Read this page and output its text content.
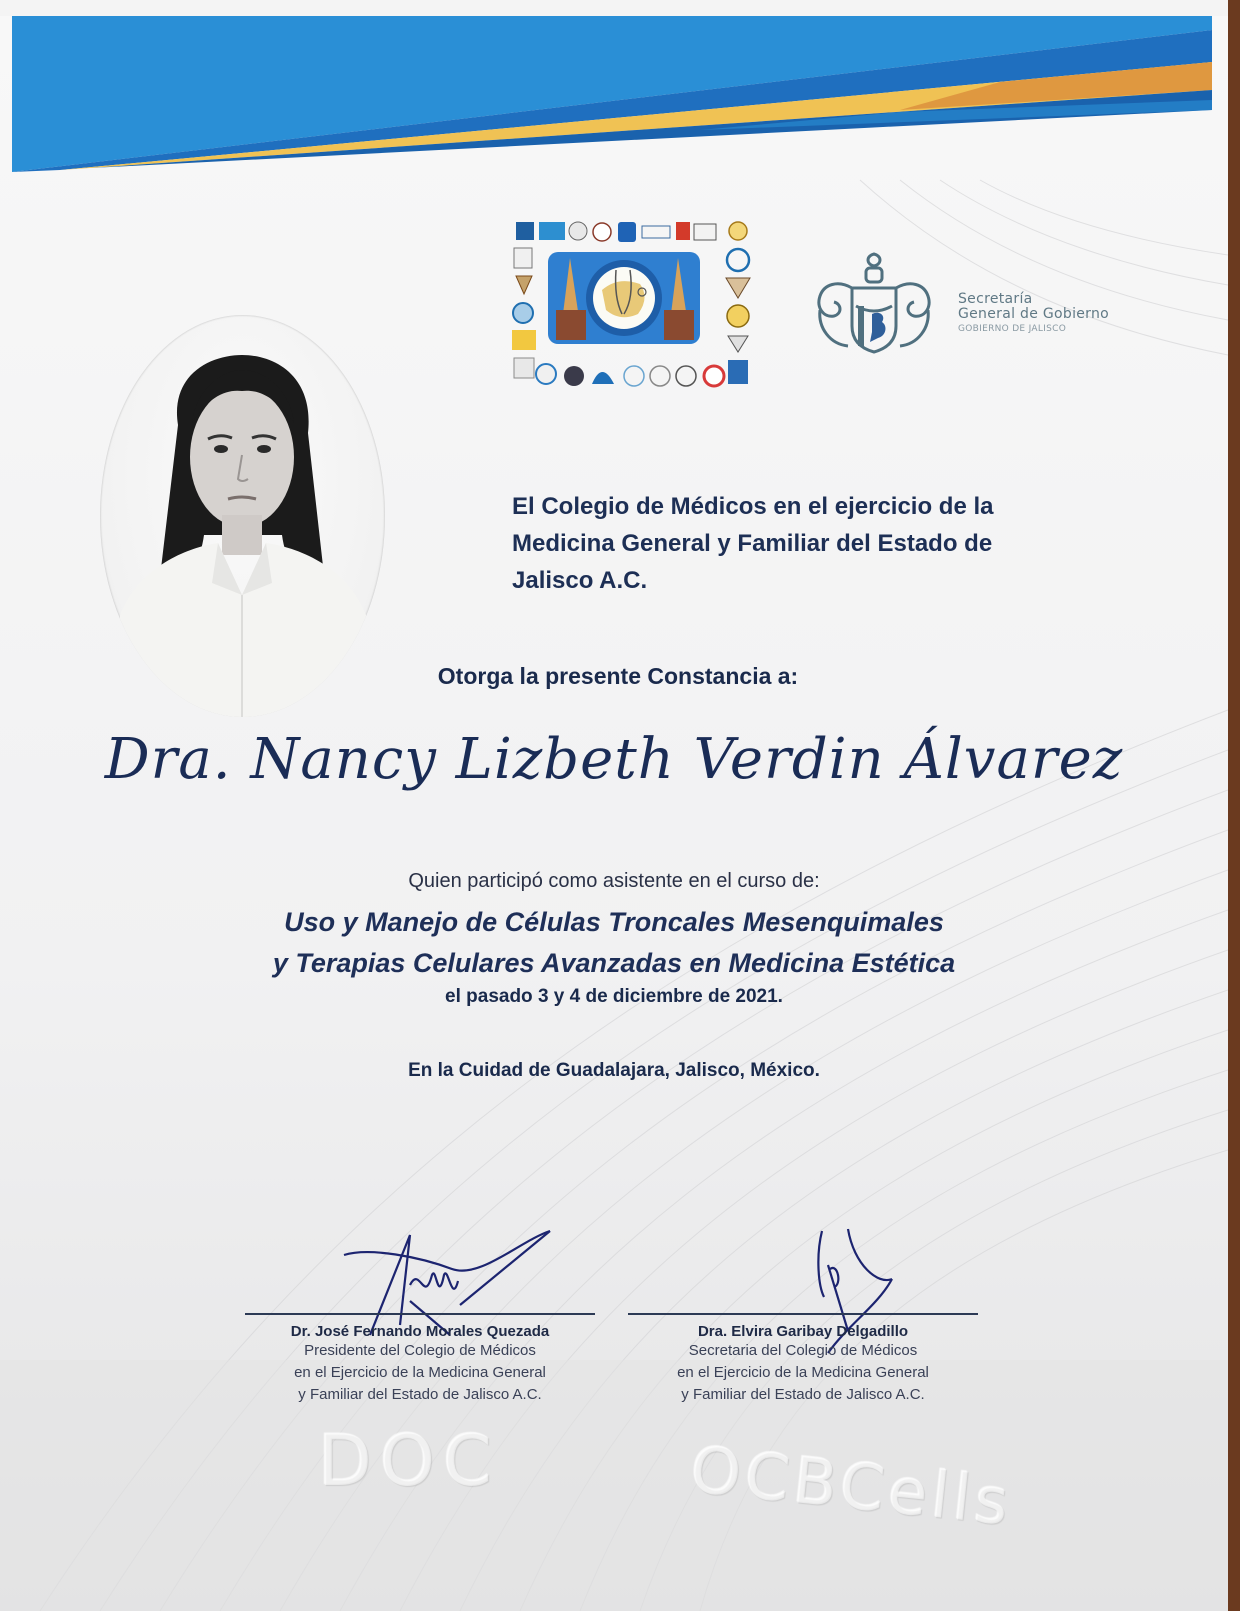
Secretaría
General de Gobierno
GOBIERNO DE JALISCO
El Colegio de Médicos en el ejercicio de la
Medicina General y Familiar del Estado de
Jalisco A.C.
Otorga la presente Constancia a:
Dra. Nancy Lizbeth Verdin Álvarez
Quien participó como asistente en el curso de:
Uso y Manejo de Células Troncales Mesenquimales
y Terapias Celulares Avanzadas en Medicina Estética
el pasado 3 y 4 de diciembre de 2021.
En la Cuidad de Guadalajara, Jalisco, México.
Dr. José Fernando Morales Quezada
Presidente del Colegio de Médicos
en el Ejercicio de la Medicina General
y Familiar del Estado de Jalisco A.C.
Dra. Elvira Garibay Delgadillo
Secretaria del Colegio de Médicos
en el Ejercicio de la Medicina General
y Familiar del Estado de Jalisco A.C.
DOC	OCBCells
